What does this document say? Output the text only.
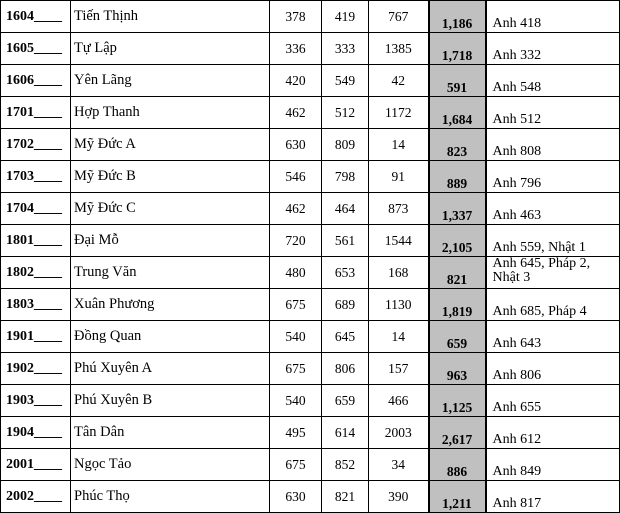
1604____	Tiến Thịnh	378	419	767	1,186	Anh 418
1605____	Tự Lập	336	333	1385	1,718	Anh 332
1606____	Yên Lãng	420	549	42	591	Anh 548
1701____	Hợp Thanh	462	512	1172	1,684	Anh 512
1702____	Mỹ Đức A	630	809	14	823	Anh 808
1703____	Mỹ Đức B	546	798	91	889	Anh 796
1704____	Mỹ Đức C	462	464	873	1,337	Anh 463
1801____	Đại Mỗ	720	561	1544	2,105	Anh 559, Nhật 1
1802____	Trung Văn	480	653	168	821	Anh 645, Pháp 2, Nhật 3
1803____	Xuân Phương	675	689	1130	1,819	Anh 685, Pháp 4
1901____	Đồng Quan	540	645	14	659	Anh 643
1902____	Phú Xuyên A	675	806	157	963	Anh 806
1903____	Phú Xuyên B	540	659	466	1,125	Anh 655
1904____	Tân Dân	495	614	2003	2,617	Anh 612
2001____	Ngọc Tảo	675	852	34	886	Anh 849
2002____	Phúc Thọ	630	821	390	1,211	Anh 817
